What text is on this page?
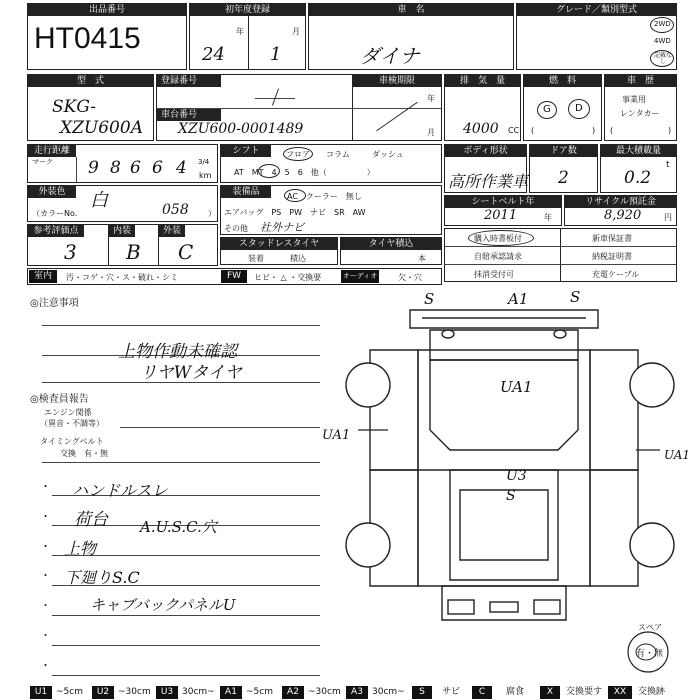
出品番号
HT0415
初年度登録
年	月
24	1
車　名
ダイナ
グレード／類別型式
2WD
4WD
記載なし
型　式
SKG-
XZU600A
登録番号
車台番号
XZU600-0001489
車検期限
年
月
排　気　量
4000 CC
燃　料
G D
(	)
車　歴
事業用
レンタカー
(	)
走行距離
マーク 9 8 6 6 4 3/4
km
シフト	フロア コラム	ダッシュ
AT　MT　4　5　6　他（　　　　　）
ボディ形状
高所作業車
ドア数
2
最大積載量
0.2
t
外装色	白
（カラーNo.	058 ）
装備品	AC　クーラー　無し
エアバッグ　PS　PW　ナビ　SR　AW
その他 社外ナビ
シートベルト年
2011	年
リサイクル預託金
8,920	円
参考評価点	内装	外装
3 B C	スタッドレスタイヤ
装着	積込
タイヤ積込
本
購入時書板付	新車保証書
自賠承認請求	納税証明書
抹消受付可	充電ケーブル
室内	汚・コゲ・穴・ス・破れ・シミ	FW	ヒビ・ △ ・交換要	オーディオ	欠・穴
◎注意事項
上物作動未確認
リヤWタイヤ
◎検査員報告
エンジン関係
（異音・不調等）
タイミングベルト
交換　有・無
・
・
・
・
・
・
・
ハンドルスレ
荷台 A.U.S.C.穴
上物
下廻りS.C
キャブバックパネルU
S	A1	S
UA1
UA1
UA1
U3
S
スペア
有・無
U1 ~5cm	U2 ~30cm	U3 30cm~	A1	~5cm	A2	~30cm	A3	30cm~	S	サビ	C	腐食	X	交換要す	XX	交換跡
